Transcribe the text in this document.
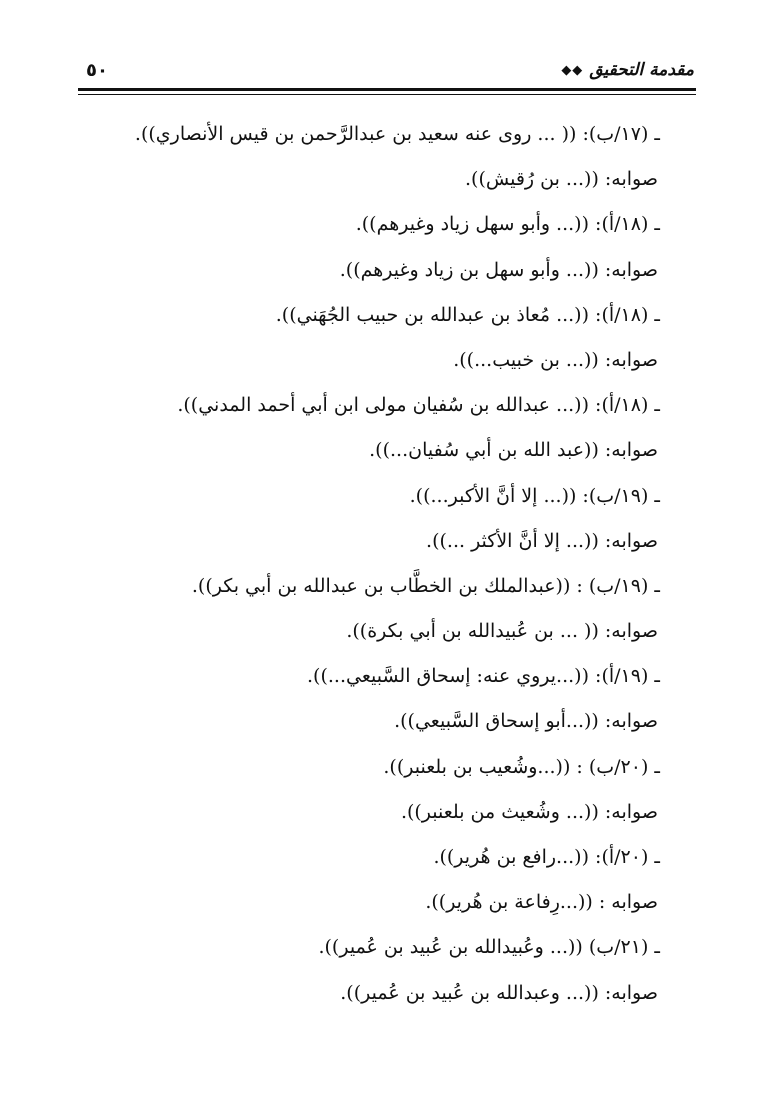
مقدمة التحقيق
◆◆
٥٠
ـ (١٧/ب): (( ... روى عنه سعيد بن عبدالرَّحمن بن قيس الأنصاري)).
صوابه: ((... بن رُقيش)).
ـ (١٨/أ): ((... وأبو سهل زياد وغيرهم)).
صوابه: ((... وأبو سهل بن زياد وغيرهم)).
ـ (١٨/أ): ((... مُعاذ بن عبدالله بن حبيب الجُهَني)).
صوابه: ((... بن خبيب...)).
ـ (١٨/أ): ((... عبدالله بن سُفيان مولى ابن أبي أحمد المدني)).
صوابه: ((عبد الله بن أبي سُفيان...)).
ـ (١٩/ب): ((... إلا أنَّ الأكبر...)).
صوابه: ((... إلا أنَّ الأكثر ...)).
ـ (١٩/ب) : ((عبدالملك بن الخطَّاب بن عبدالله بن أبي بكر)).
صوابه: (( ... بن عُبيدالله بن أبي بكرة)).
ـ (١٩/أ): ((...يروي عنه: إسحاق السَّبيعي...)).
صوابه: ((...أبو إسحاق السَّبيعي)).
ـ (٢٠/ب) : ((...وشُعيب بن بلعنبر)).
صوابه: ((... وشُعيث من بلعنبر)).
ـ (٢٠/أ): ((...رافع بن هُرير)).
صوابه : ((...رِفاعة بن هُرير)).
ـ (٢١/ب) ((... وعُبيدالله بن عُبيد بن عُمير)).
صوابه: ((... وعبدالله بن عُبيد بن عُمير)).
